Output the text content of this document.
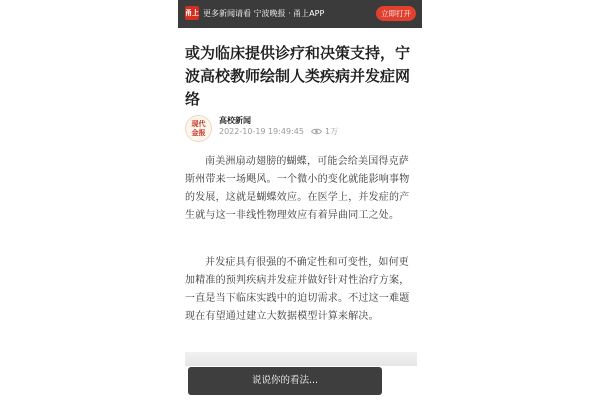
甬上 更多新闻请看 宁波晚报 · 甬上APP	立即打开
或为临床提供诊疗和决策支持，宁波高校教师绘制人类疾病并发症网络
现代
金报
高校新闻
2022-10-19 19:49:45	1万

南美洲扇动翅膀的蝴蝶，可能会给美国得克萨斯州带来一场飓风。一个微小的变化就能影响事物的发展，这就是蝴蝶效应。在医学上，并发症的产生就与这一非线性物理效应有着异曲同工之处。

并发症具有很强的不确定性和可变性，如何更加精准的预判疾病并发症并做好针对性治疗方案，一直是当下临床实践中的迫切需求。不过这一难题现在有望通过建立大数据模型计算来解决。

说说你的看法...
